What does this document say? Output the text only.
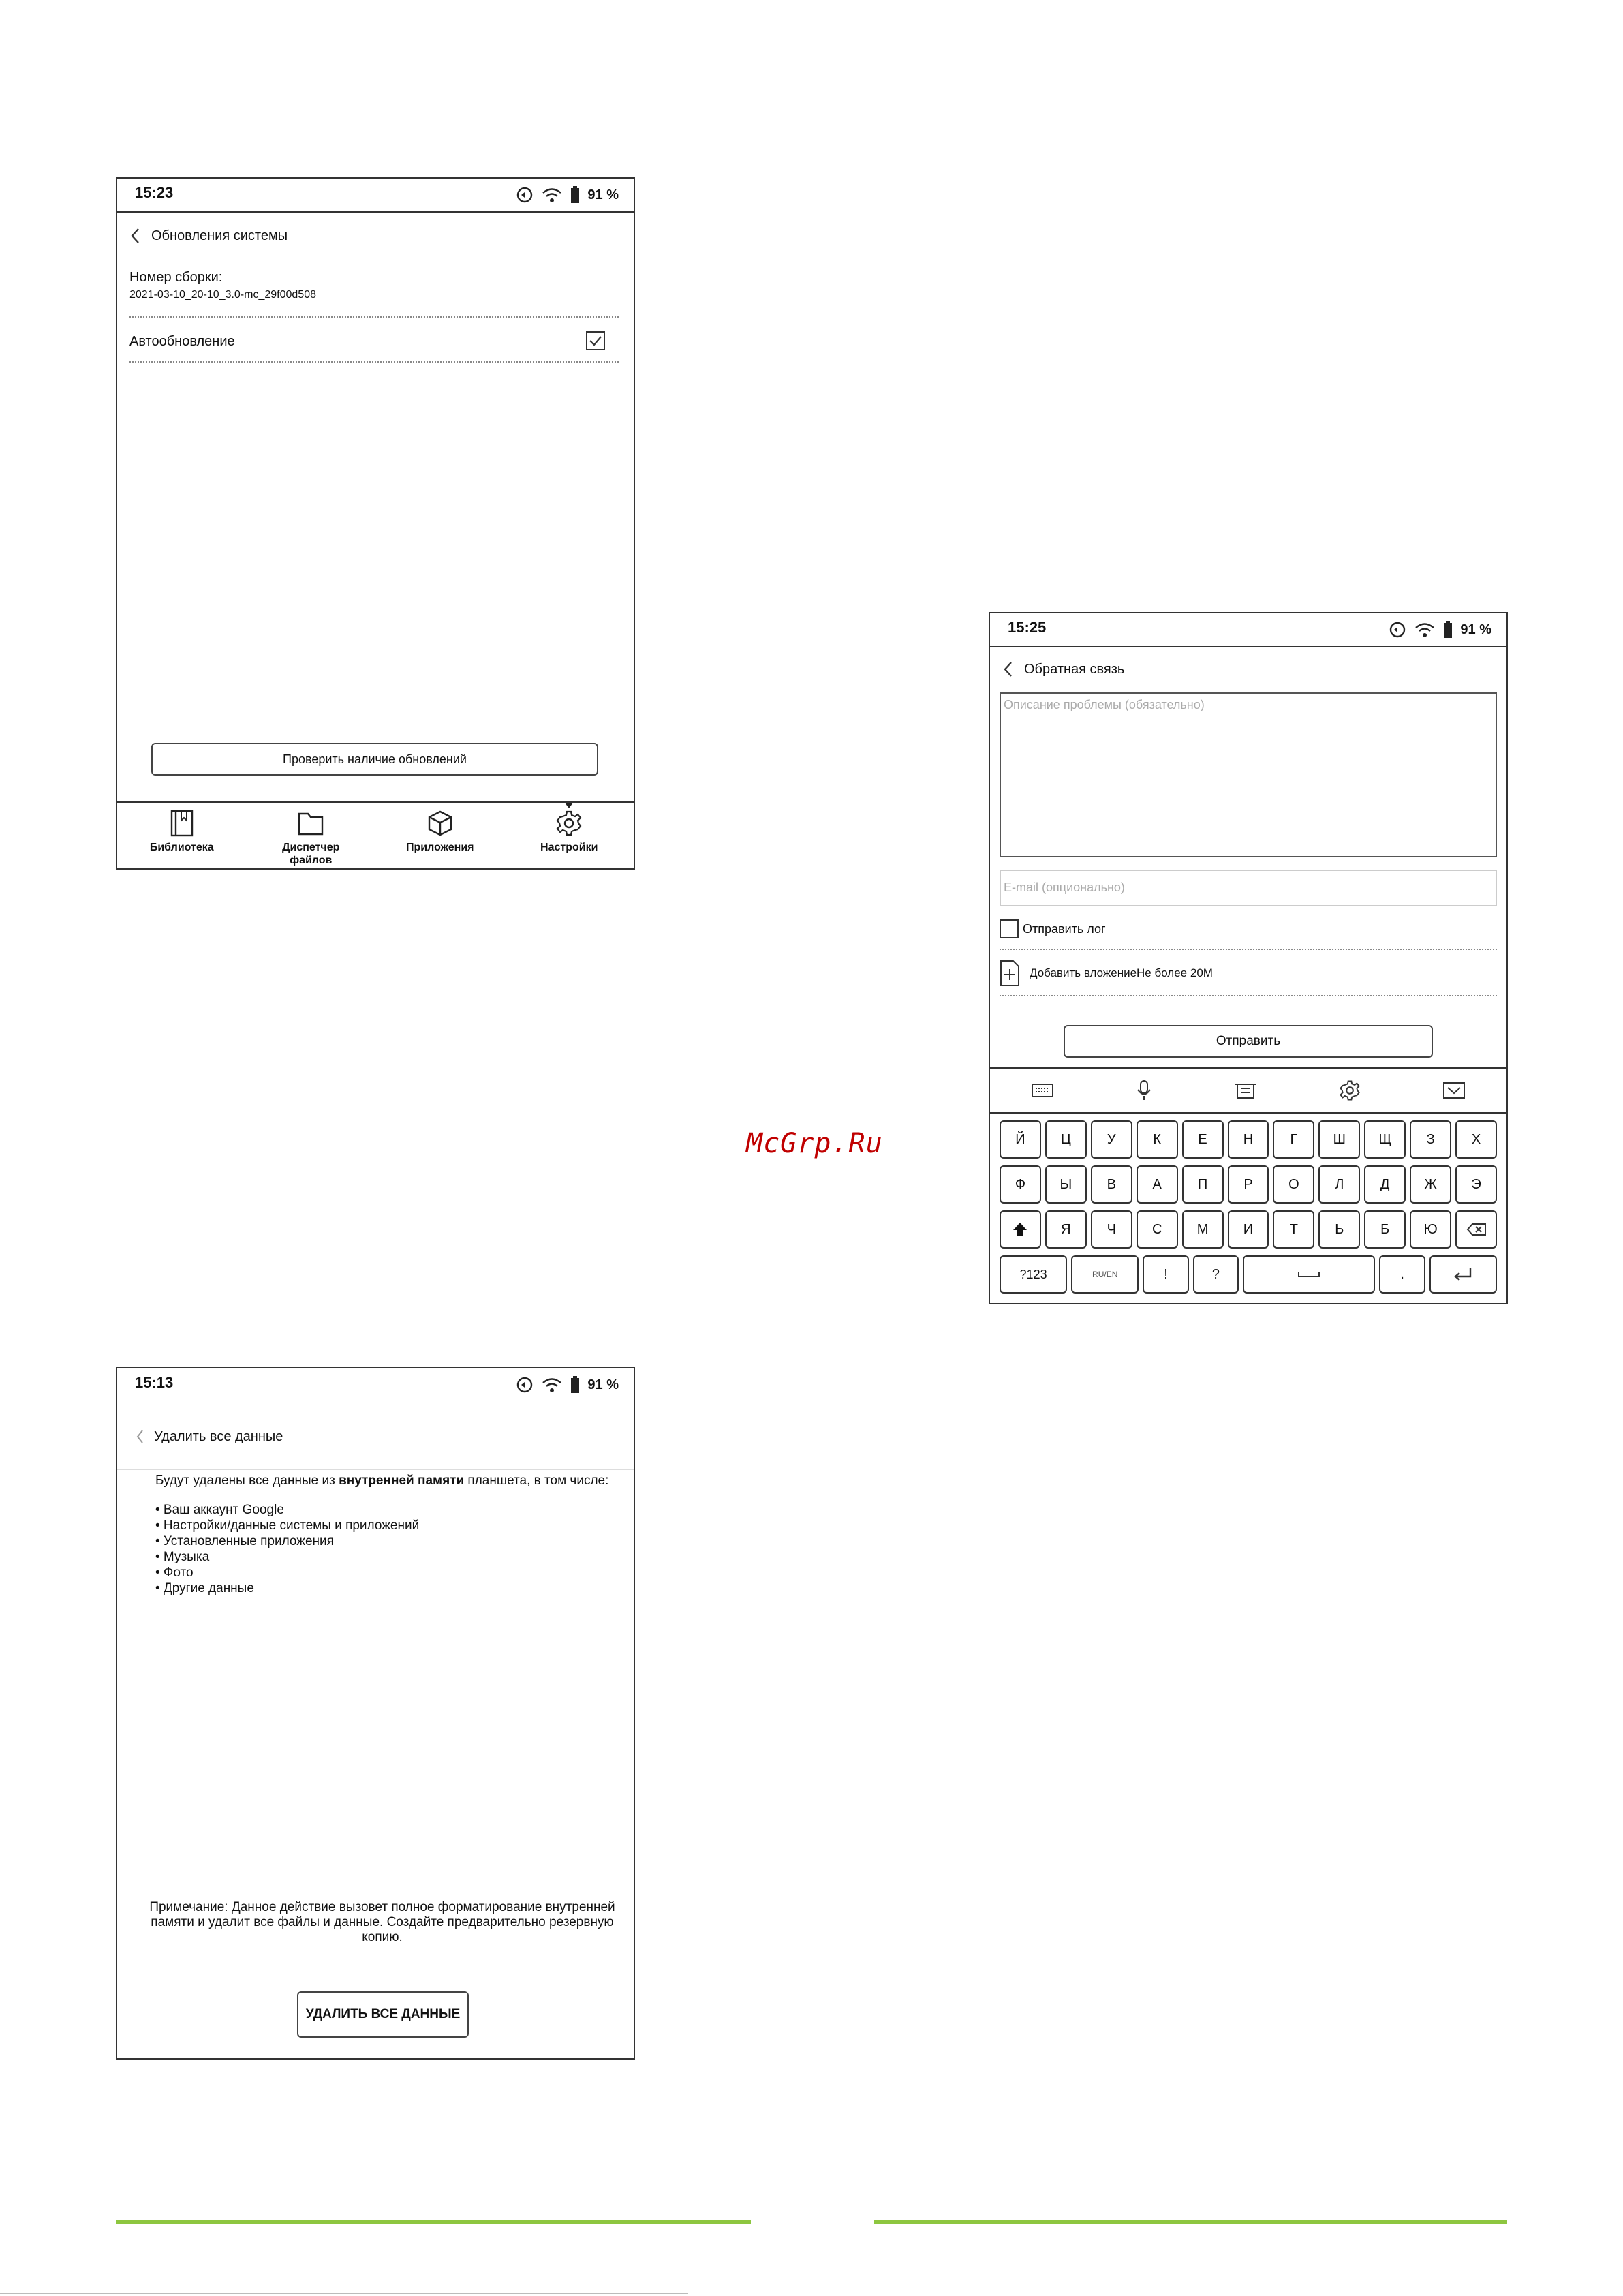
15:23	91 %
Обновления системы
Номер сборки:
2021-03-10_20-10_3.0-mc_29f00d508
Автообновление
Проверить наличие обновлений
Библиотека	Диспетчер
файлов
Приложения	Настройки
15:25	91 %
Обратная связь
Описание проблемы (обязательно)
E-mail (опционально)
Отправить лог
Добавить вложениеНе более 20М
Отправить
Й	Ц	У	К	Е	Н	Г	Ш	Щ	З	Х
Ф	Ы	В	А	П	Р	О	Л	Д	Ж	Э
Я	Ч	С	М	И	Т	Ь	Б	Ю
?123	RU/EN	!	?	.
McGrp.Ru
15:13	91 %
Удалить все данные
Будут удалены все данные из внутренней памяти планшета, в том числе:
• Ваш аккаунт Google
• Настройки/данные системы и приложений
• Установленные приложения
• Музыка
• Фото
• Другие данные
Примечание: Данное действие вызовет полное форматирование внутренней памяти и удалит все файлы и данные. Создайте предварительно резервную копию.
УДАЛИТЬ ВСЕ ДАННЫЕ
